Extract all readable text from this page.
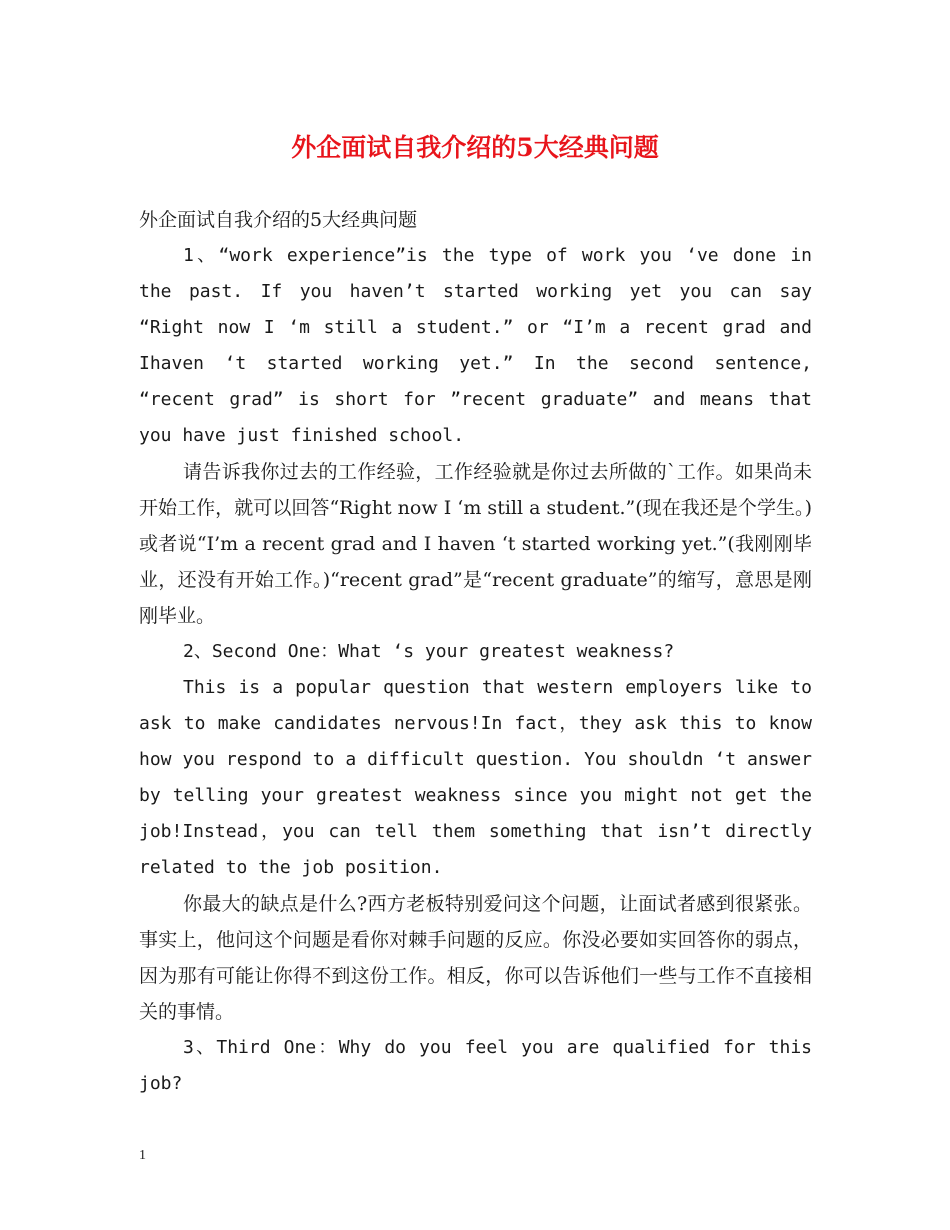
外企面试自我介绍的5大经典问题

外企面试自我介绍的5大经典问题

1、“work experience”is the type of work you ‘ve done in the past. If you haven’t started working yet you can say “Right now I ‘m still a student.” or “I’m a recent grad and Ihaven ‘t started working yet.” In the second sentence, “recent grad” is short for ”recent graduate” and means that you have just finished school.

请告诉我你过去的工作经验，工作经验就是你过去所做的`工作。如果尚未开始工作，就可以回答“Right now I ‘m still a student.”(现在我还是个学生。)或者说“I’m a recent grad and I haven ‘t started working yet.”(我刚刚毕业，还没有开始工作。)“recent grad”是“recent graduate”的缩写，意思是刚刚毕业。

2、Second One：What ‘s your greatest weakness?

This is a popular question that western employers like to ask to make candidates nervous!In fact，they ask this to know how you respond to a difficult question. You shouldn ‘t answer by telling your greatest weakness since you might not get the job!Instead，you can tell them something that isn’t directly related to the job position.

你最大的缺点是什么?西方老板特别爱问这个问题，让面试者感到很紧张。事实上，他问这个问题是看你对棘手问题的反应。你没必要如实回答你的弱点，因为那有可能让你得不到这份工作。相反，你可以告诉他们一些与工作不直接相关的事情。

3、Third One：Why do you feel you are qualified for this job?

1
